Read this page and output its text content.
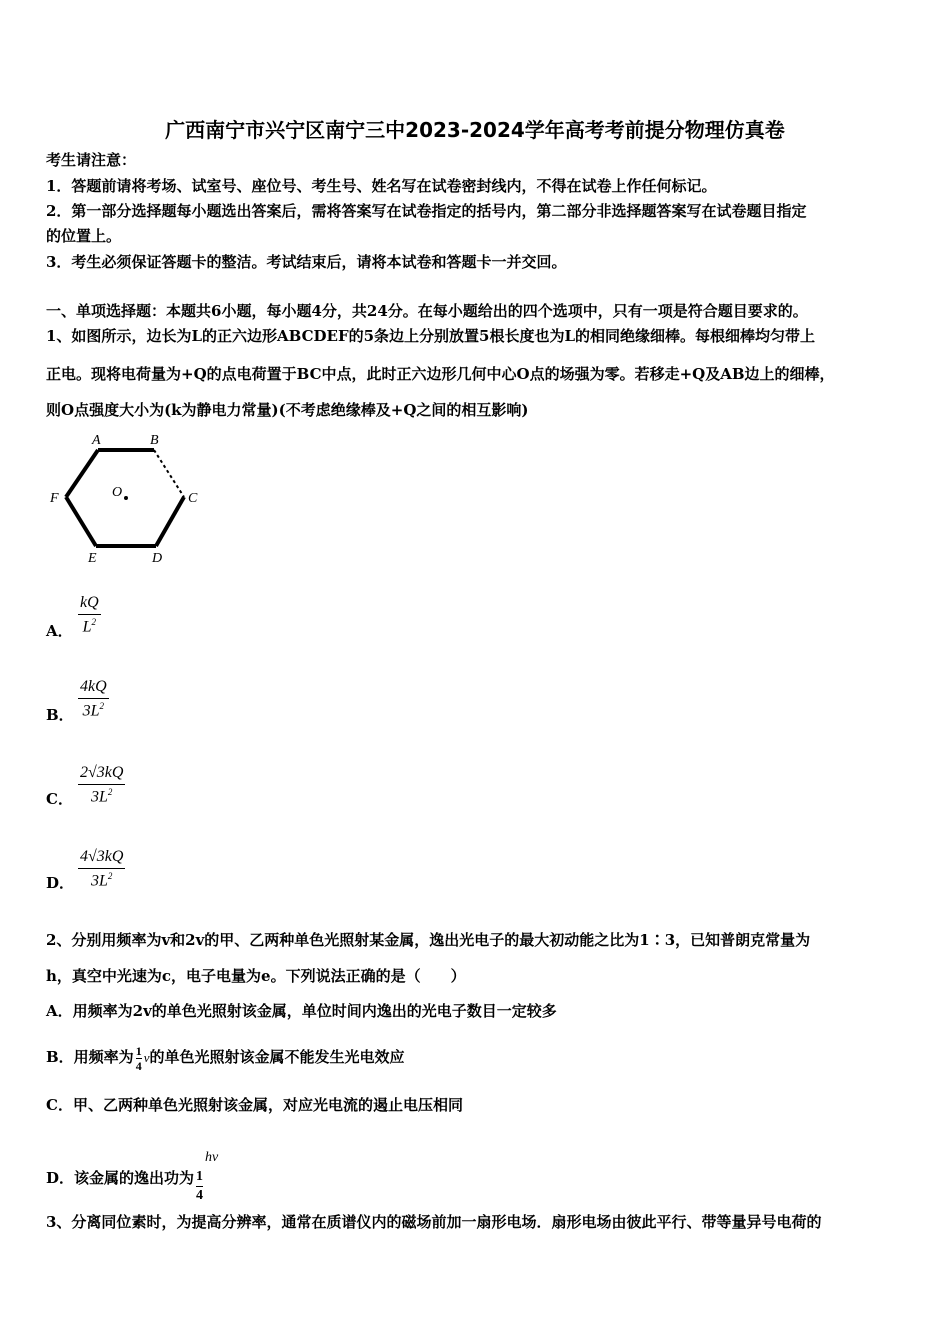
广西南宁市兴宁区南宁三中2023-2024学年高考考前提分物理仿真卷
考生请注意：
1．答题前请将考场、试室号、座位号、考生号、姓名写在试卷密封线内，不得在试卷上作任何标记。
2．第一部分选择题每小题选出答案后，需将答案写在试卷指定的括号内，第二部分非选择题答案写在试卷题目指定
的位置上。
3．考生必须保证答题卡的整洁。考试结束后，请将本试卷和答题卡一并交回。
一、单项选择题：本题共6小题，每小题4分，共24分。在每小题给出的四个选项中，只有一项是符合题目要求的。
1、如图所示，边长为L的正六边形ABCDEF的5条边上分别放置5根长度也为L的相同绝缘细棒。每根细棒均匀带上
正电。现将电荷量为+Q的点电荷置于BC中点，此时正六边形几何中心O点的场强为零。若移走+Q及AB边上的细棒，
则O点强度大小为(k为静电力常量)(不考虑绝缘棒及+Q之间的相互影响)
A	B
C
D
E
F	O
A．
kQ
$L^2$
B．
4kQ
$3L^2$
C．
2√3kQ
$3L^2$
D．
4√3kQ
$3L^2$
2、分别用频率为v和2v的甲、乙两种单色光照射某金属，逸出光电子的最大初动能之比为1∶3，已知普朗克常量为
h，真空中光速为c，电子电量为e。下列说法正确的是（　　）
A．用频率为2v的单色光照射该金属，单位时间内逸出的光电子数目一定较多
B．用频率为 $\frac{1}{4}$ ν的单色光照射该金属不能发生光电效应
C．甲、乙两种单色光照射该金属，对应光电流的遏止电压相同
D．该金属的逸出功为 $\frac{1}{4}h\nu$
3、分离同位素时，为提高分辨率，通常在质谱仪内的磁场前加一扇形电场．扇形电场由彼此平行、带等量异号电荷的
